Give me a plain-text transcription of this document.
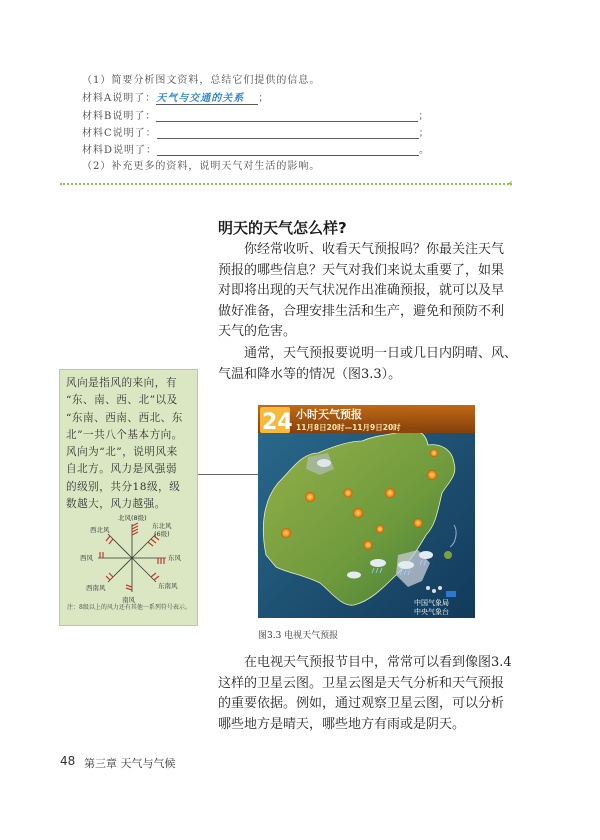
（1）简要分析图文资料，总结它们提供的信息。
材料A说明了：天气与交通的关系 ；
材料B说明了：	；
材料C说明了：	；
材料D说明了：	。
（2）补充更多的资料，说明天气对生活的影响。
‹
明天的天气怎么样?
你经常收听、收看天气预报吗？你最关注天气
预报的哪些信息？天气对我们来说太重要了，如果
对即将出现的天气状况作出准确预报，就可以及早
做好准备，合理安排生活和生产，避免和预防不利
天气的危害。
通常，天气预报要说明一日或几日内阴晴、风、
气温和降水等的情况（图3.3）。
风向是指风的来向，有
“东、南、西、北”以及
“东南、西南、西北、东
北”一共八个基本方向。
风向为“北”，说明风来
自北方。风力是风强弱
的级别，共分18级，级
数越大，风力越强。
北风(8级)
东北风
(6级)
西北风
西风	东风
西南风	东南风
南风
注：8级以上的风力还有其他一系列符号表示。
24 小时天气预报
11月8日20时—11月9日20时
中国气象局
中央气象台
图3.3 电视天气预报
在电视天气预报节目中，常常可以看到像图3.4
这样的卫星云图。卫星云图是天气分析和天气预报
的重要依据。例如，通过观察卫星云图，可以分析
哪些地方是晴天，哪些地方有雨或是阴天。
48 第三章 天气与气候
